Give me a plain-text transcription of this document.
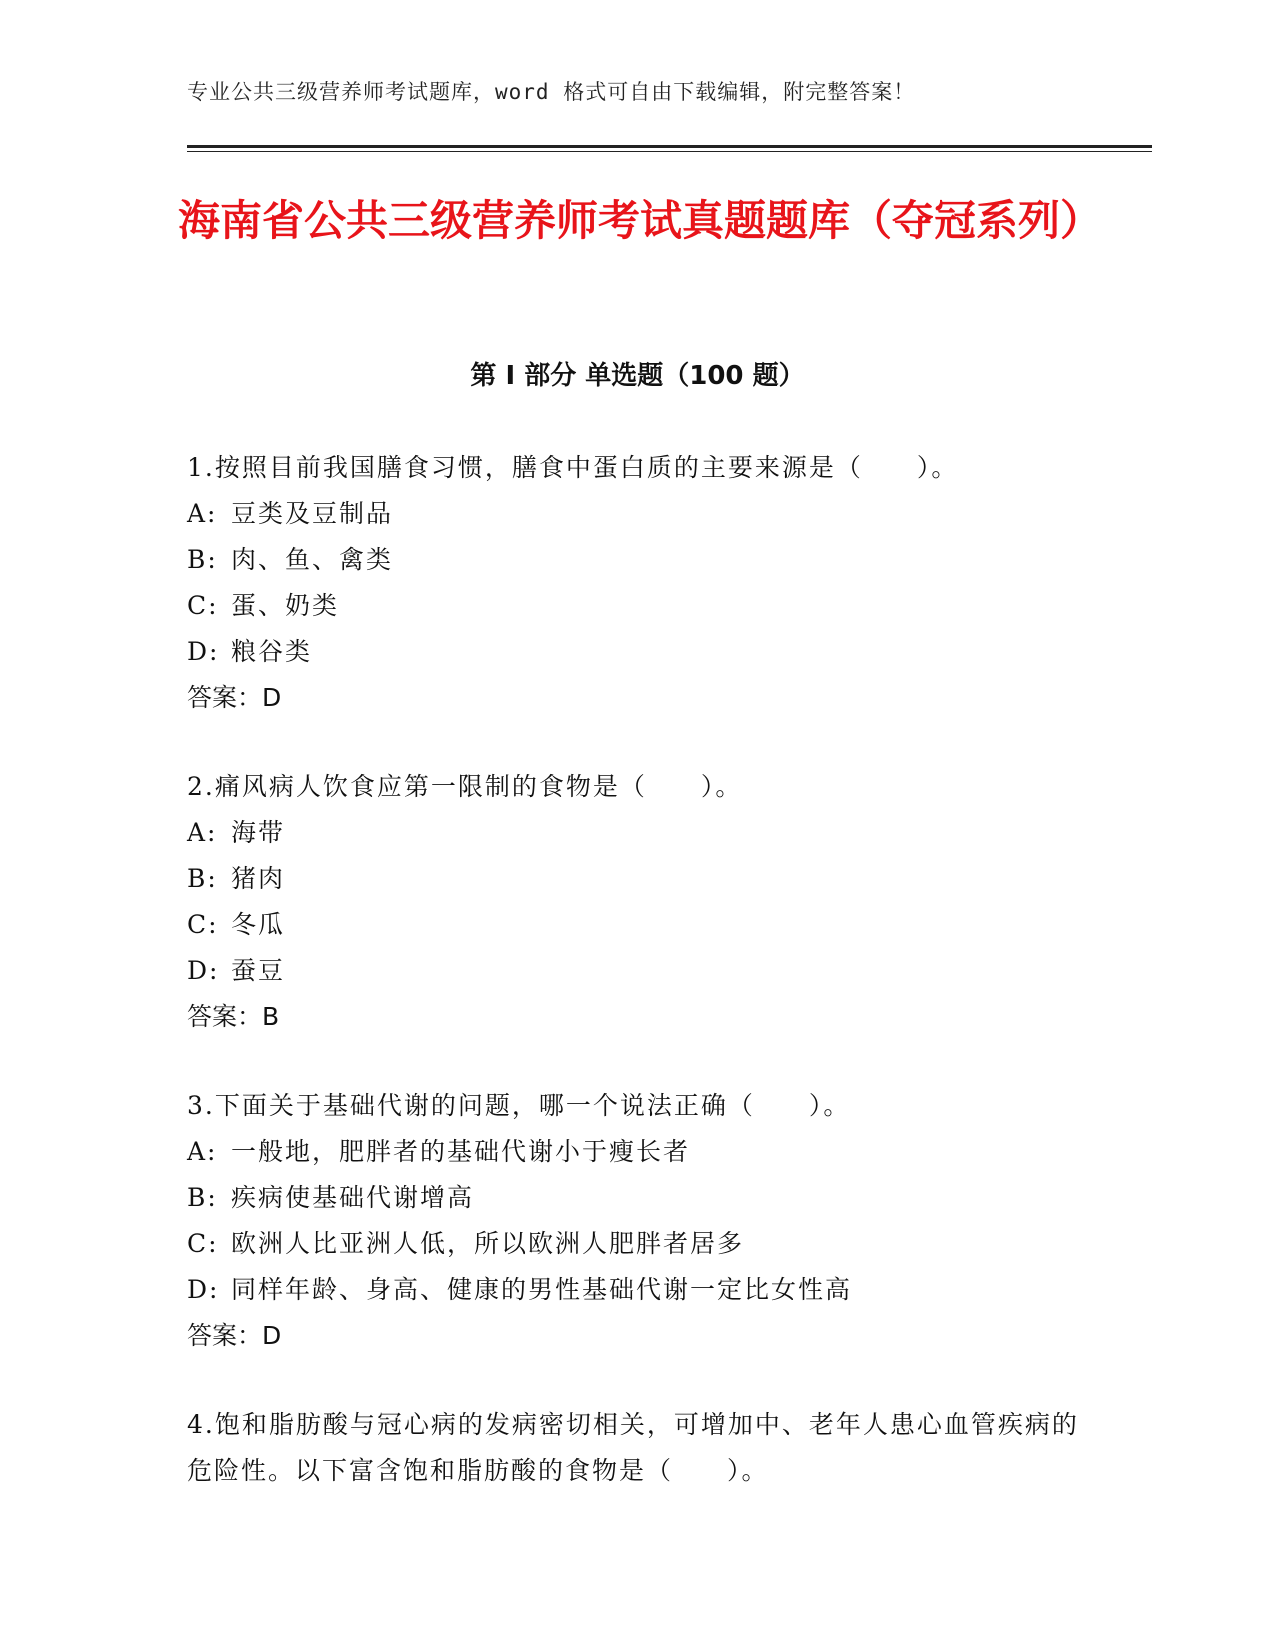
专业公共三级营养师考试题库，word 格式可自由下载编辑，附完整答案！
海南省公共三级营养师考试真题题库（夺冠系列）
第 I 部分 单选题（100 题）
1.按照目前我国膳食习惯，膳食中蛋白质的主要来源是（　　）。
A: 豆类及豆制品
B: 肉、鱼、禽类
C: 蛋、奶类
D: 粮谷类
答案：D
2.痛风病人饮食应第一限制的食物是（　　）。
A: 海带
B: 猪肉
C: 冬瓜
D: 蚕豆
答案：B
3.下面关于基础代谢的问题，哪一个说法正确（　　）。
A: 一般地，肥胖者的基础代谢小于瘦长者
B: 疾病使基础代谢增高
C: 欧洲人比亚洲人低，所以欧洲人肥胖者居多
D: 同样年龄、身高、健康的男性基础代谢一定比女性高
答案：D
4.饱和脂肪酸与冠心病的发病密切相关，可增加中、老年人患心血管疾病的危险性。以下富含饱和脂肪酸的食物是（　　）。
